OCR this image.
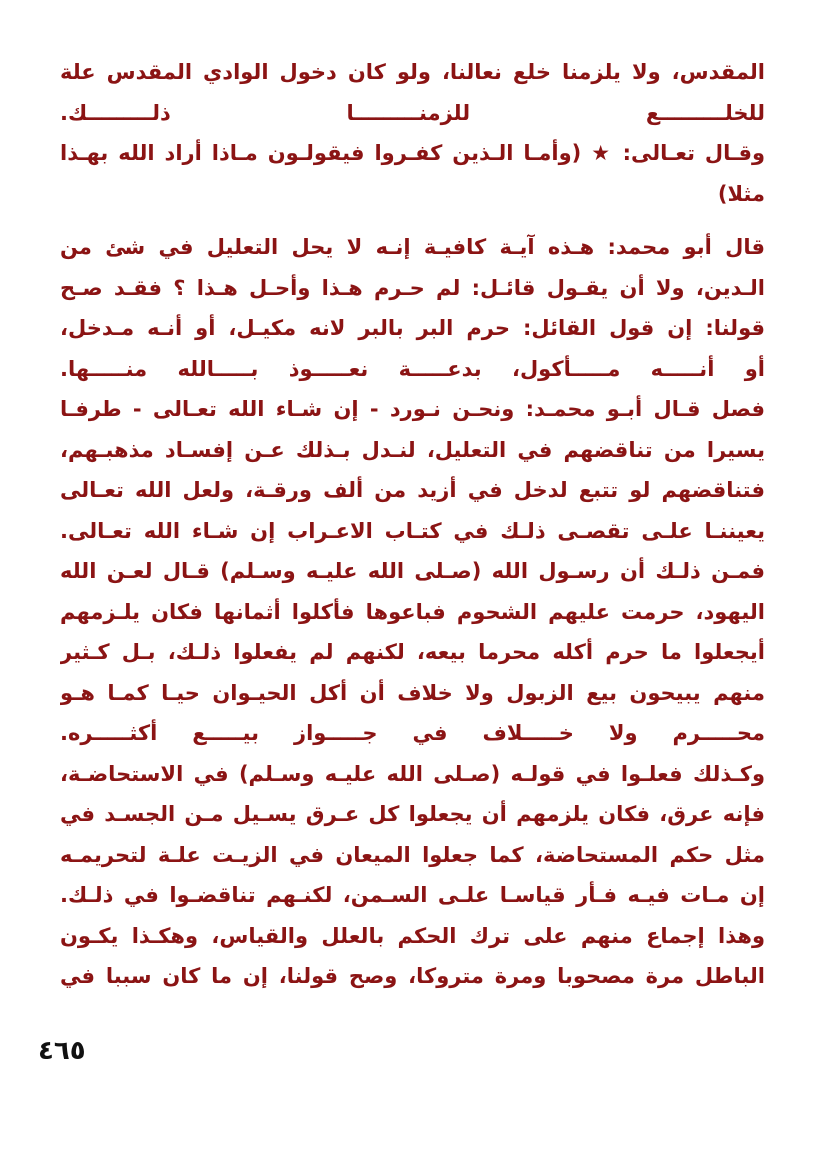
المقدس، ولا يلزمنا خلع نعالنا، ولو كان دخول الوادي المقدس علة
للخلـــــــــع للزمنـــــــــا ذلـــــــــك.
وقـال تعـالى: ★ (وأمـا الـذين كفـروا فيقولـون مـاذا أراد الله بهـذا
مثلا)
قال أبو محمد: هـذه آيـة كافيـة إنـه لا يحل التعليل في شئ من
الـدين، ولا أن يقـول قائـل: لم حـرم هـذا وأحـل هـذا ؟ فقـد صـح
قولنا: إن قول القائل: حرم البر بالبر لانه مكيـل، أو أنـه مـدخل،
أو أنـــــه مـــــأكول، بدعـــــة نعـــــوذ بـــــالله منـــــها.
فصل قـال أبـو محمـد: ونحـن نـورد - إن شـاء الله تعـالى - طرفـا
يسيرا من تناقضهم في التعليل، لنـدل بـذلك عـن إفسـاد مذهبـهم،
فتناقضهم لو تتبع لدخل في أزيد من ألف ورقـة، ولعل الله تعـالى
يعيننـا علـى تقصـى ذلـك في كتـاب الاعـراب إن شـاء الله تعـالى.
فمـن ذلـك أن رسـول الله (صـلى الله عليـه وسـلم) قـال لعـن الله
اليهود، حرمت عليهم الشحوم فباعوها فأكلوا أثمانها فكان يلـزمهم
أيجعلوا ما حرم أكله محرما بيعه، لكنهم لم يفعلوا ذلـك، بـل كـثير
منهم يبيحون بيع الزبول ولا خلاف أن أكل الحيـوان حيـا كمـا هـو
محـــــرم ولا خـــــلاف في جـــــواز بيـــــع أكثـــــره.
وكـذلك فعلـوا في قولـه (صـلى الله عليـه وسـلم) في الاستحاضـة،
فإنه عرق، فكان يلزمهم أن يجعلوا كل عـرق يسـيل مـن الجسـد في
مثل حكم المستحاضة، كما جعلوا الميعان في الزيـت علـة لتحريمـه
إن مـات فيـه فـأر قياسـا علـى السـمن، لكنـهم تناقضـوا في ذلـك.
وهذا إجماع منهم على ترك الحكم بالعلل والقياس، وهكـذا يكـون
الباطل مرة مصحوبا ومرة متروكا، وصح قولنا، إن ما كان سببا في
٤٦٥
